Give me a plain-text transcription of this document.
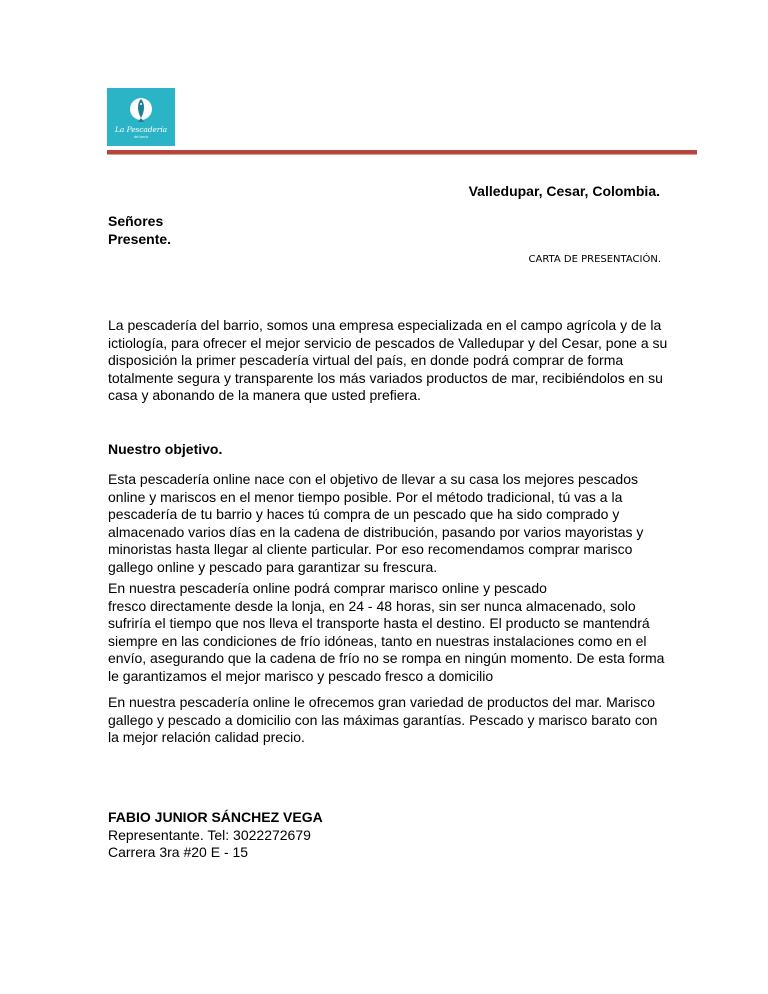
La Pescadería
del barrio
Valledupar, Cesar, Colombia.
Señores
Presente.
CARTA DE PRESENTACIÓN.

La pescadería del barrio, somos una empresa especializada en el campo agrícola y de la ictiología, para ofrecer el mejor servicio de pescados de Valledupar y del Cesar, pone a su disposición la primer pescadería virtual del país, en donde podrá comprar de forma totalmente segura y transparente los más variados productos de mar, recibiéndolos en su casa y abonando de la manera que usted prefiera.

Nuestro objetivo.

Esta pescadería online nace con el objetivo de llevar a su casa los mejores pescados online y mariscos en el menor tiempo posible. Por el método tradicional, tú vas a la pescadería de tu barrio y haces tú compra de un pescado que ha sido comprado y almacenado varios días en la cadena de distribución, pasando por varios mayoristas y minoristas hasta llegar al cliente particular. Por eso recomendamos comprar marisco gallego online y pescado para garantizar su frescura.

En nuestra pescadería online podrá comprar marisco online y pescado
fresco directamente desde la lonja, en 24 - 48 horas, sin ser nunca almacenado, solo sufriría el tiempo que nos lleva el transporte hasta el destino. El producto se mantendrá siempre en las condiciones de frío idóneas, tanto en nuestras instalaciones como en el envío, asegurando que la cadena de frío no se rompa en ningún momento. De esta forma le garantizamos el mejor marisco y pescado fresco a domicilio

En nuestra pescadería online le ofrecemos gran variedad de productos del mar. Marisco gallego y pescado a domicilio con las máximas garantías. Pescado y marisco barato con la mejor relación calidad precio.

FABIO JUNIOR SÁNCHEZ VEGA
Representante. Tel: 3022272679
Carrera 3ra #20 E - 15
